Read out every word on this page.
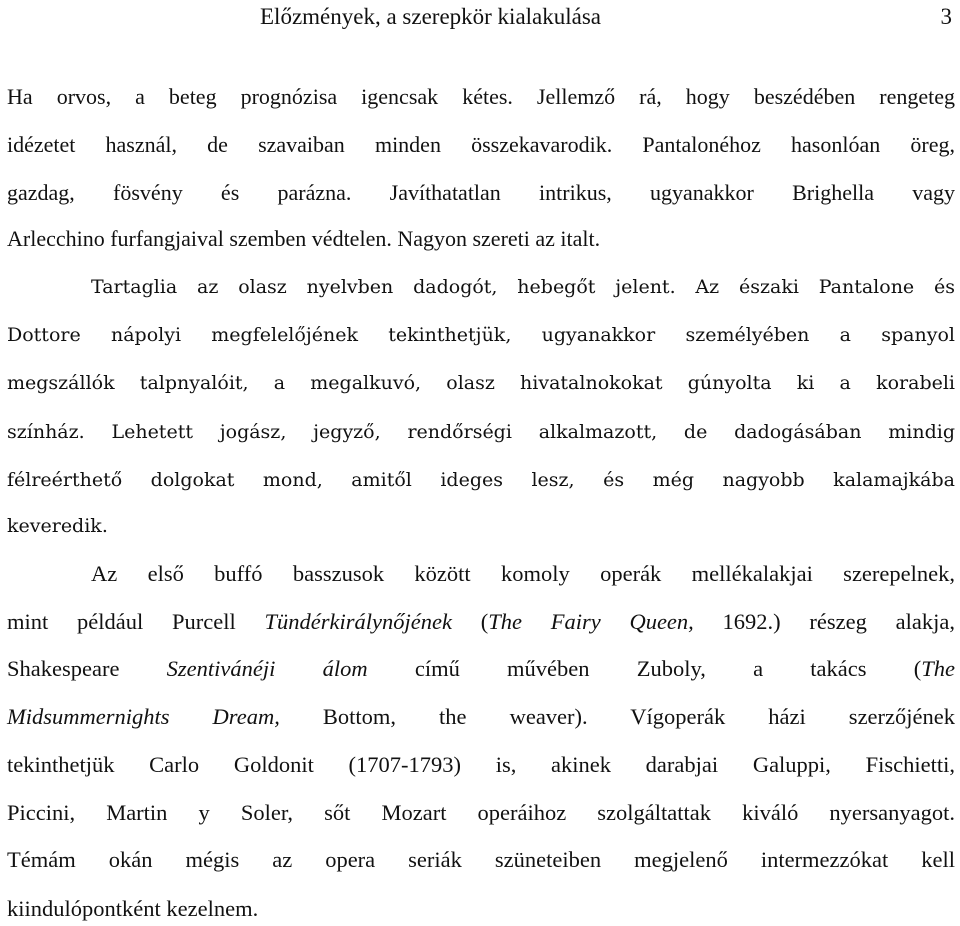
Előzmények, a szerepkör kialakulása	3
Ha orvos, a beteg prognózisa igencsak kétes. Jellemző rá, hogy beszédében rengeteg
idézetet használ, de szavaiban minden összekavarodik. Pantalonéhoz hasonlóan öreg,
gazdag, fösvény és parázna. Javíthatatlan intrikus, ugyanakkor Brighella vagy
Arlecchino furfangjaival szemben védtelen. Nagyon szereti az italt.
Tartaglia az olasz nyelvben dadogót, hebegőt jelent. Az északi Pantalone és
Dottore nápolyi megfelelőjének tekinthetjük, ugyanakkor személyében a spanyol
megszállók talpnyalóit, a megalkuvó, olasz hivatalnokokat gúnyolta ki a korabeli
színház. Lehetett jogász, jegyző, rendőrségi alkalmazott, de dadogásában mindig
félreérthető dolgokat mond, amitől ideges lesz, és még nagyobb kalamajkába
keveredik.
Az első buffó basszusok között komoly operák mellékalakjai szerepelnek,
mint például Purcell Tündérkirálynőjének (The Fairy Queen, 1692.) részeg alakja,
Shakespeare Szentivánéji álom című művében Zuboly, a takács (The
Midsummernights Dream, Bottom, the weaver). Vígoperák házi szerzőjének
tekinthetjük Carlo Goldonit (1707-1793) is, akinek darabjai Galuppi, Fischietti,
Piccini, Martin y Soler, sőt Mozart operáihoz szolgáltattak kiváló nyersanyagot.
Témám okán mégis az opera seriák szüneteiben megjelenő intermezzókat kell
kiindulópontként kezelnem.
